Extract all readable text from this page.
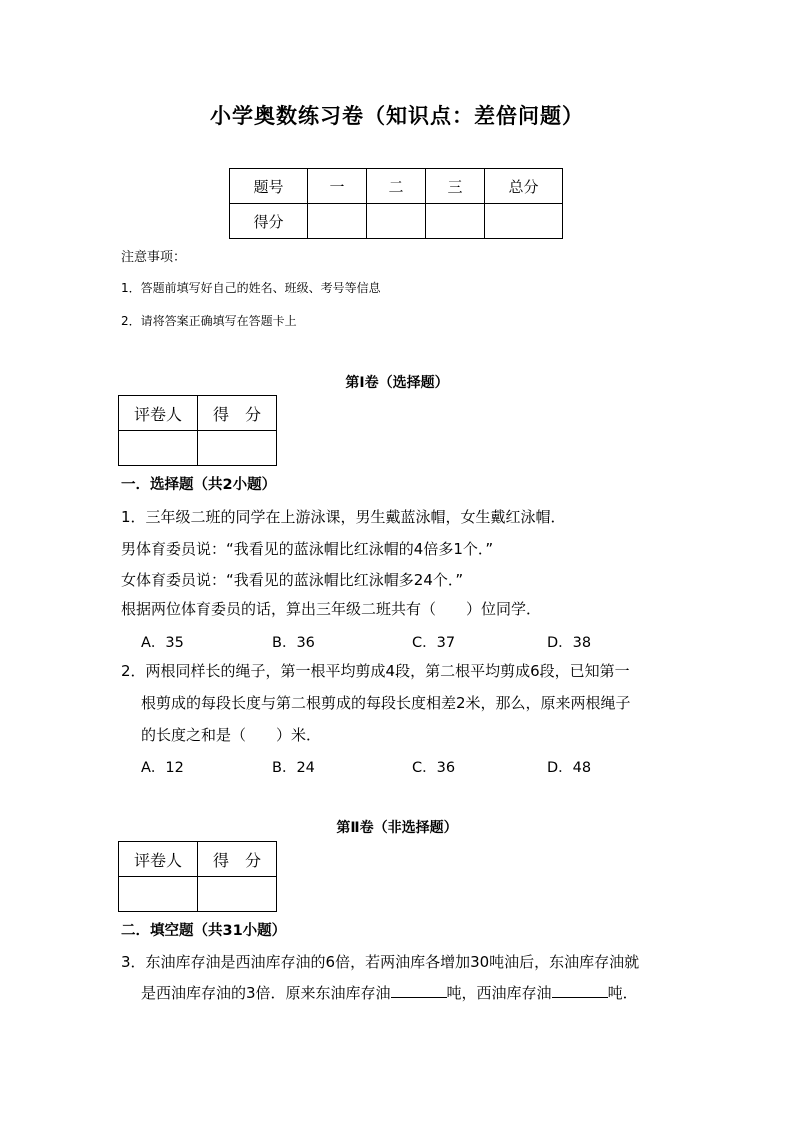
小学奥数练习卷（知识点：差倍问题）
题号	一	二	三	总分
得分				
注意事项：
1．答题前填写好自己的姓名、班级、考号等信息
2．请将答案正确填写在答题卡上
第Ⅰ卷（选择题）
评卷人	得　分

一．选择题（共2小题）
1．三年级二班的同学在上游泳课，男生戴蓝泳帽，女生戴红泳帽．
男体育委员说：“我看见的蓝泳帽比红泳帽的4倍多1个．”
女体育委员说：“我看见的蓝泳帽比红泳帽多24个．”
根据两位体育委员的话，算出三年级二班共有（　　）位同学．
A．35	B．36	C．37	D．38
2．两根同样长的绳子，第一根平均剪成4段，第二根平均剪成6段，已知第一
根剪成的每段长度与第二根剪成的每段长度相差2米，那么，原来两根绳子
的长度之和是（　　）米．
A．12	B．24	C．36	D．48
第Ⅱ卷（非选择题）
评卷人	得　分

二．填空题（共31小题）
3．东油库存油是西油库存油的6倍，若两油库各增加30吨油后，东油库存油就
是西油库存油的3倍．原来东油库存油	吨，西油库存油	吨．
